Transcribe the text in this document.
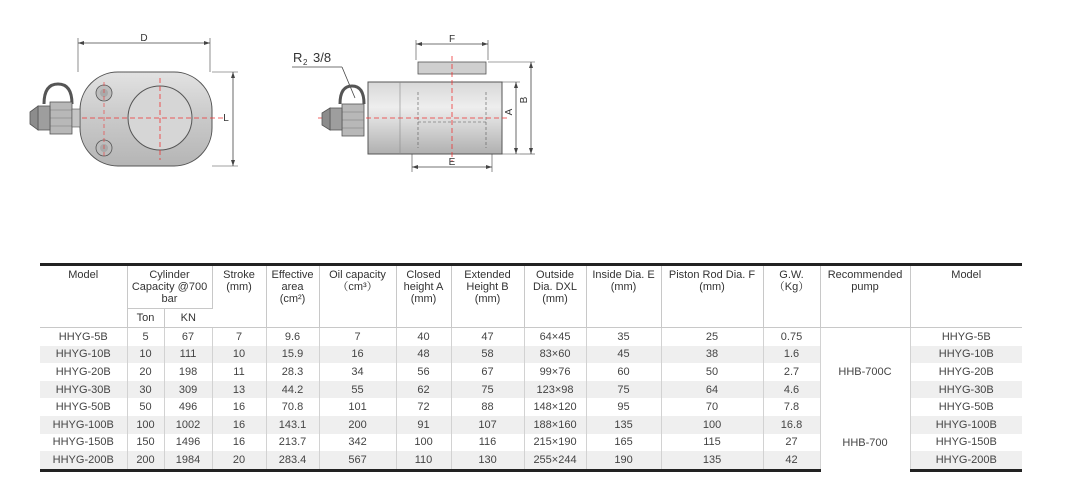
D
L
R 2 3/8
F
E
A
B
Model	Cylinder Capacity @700 bar		Stroke (mm)	Effective area (cm²)	Oil capacity （cm³）	Closed height A (mm)	Extended Height B (mm)	Outside Dia. DXL (mm)	Inside Dia. E (mm)	Piston Rod Dia. F (mm)	G.W. （Kg）	Recommended pump	Model
	Ton	KN											
HHYG-5B	5	67	7	9.6	7	40	47	64×45	35	25	0.75	HHB-700C	HHYG-5B
HHYG-10B	10	111	10	15.9	16	48	58	83×60	45	38	1.6		HHYG-10B
HHYG-20B	20	198	11	28.3	34	56	67	99×76	60	50	2.7		HHYG-20B
HHYG-30B	30	309	13	44.2	55	62	75	123×98	75	64	4.6		HHYG-30B
HHYG-50B	50	496	16	70.8	101	72	88	148×120	95	70	7.8		HHYG-50B
HHYG-100B	100	1002	16	143.1	200	91	107	188×160	135	100	16.8	HHB-700	HHYG-100B
HHYG-150B	150	1496	16	213.7	342	100	116	215×190	165	115	27		HHYG-150B
HHYG-200B	200	1984	20	283.4	567	110	130	255×244	190	135	42		HHYG-200B
